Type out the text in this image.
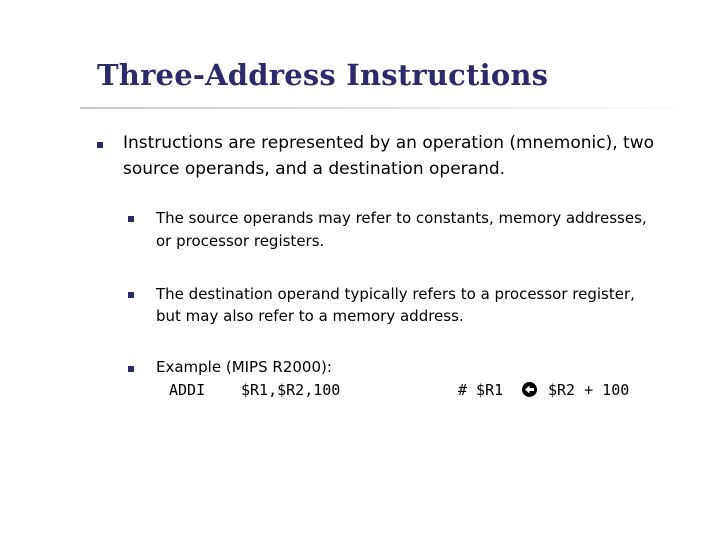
Three-Address Instructions
Instructions are represented by an operation (mnemonic), two
source operands, and a destination operand.
The source operands may refer to constants, memory addresses,
or processor registers.
The destination operand typically refers to a processor register,
but may also refer to a memory address.
Example (MIPS R2000):
ADDI $R1,$R2,100	# $R1	$R2 + 100
